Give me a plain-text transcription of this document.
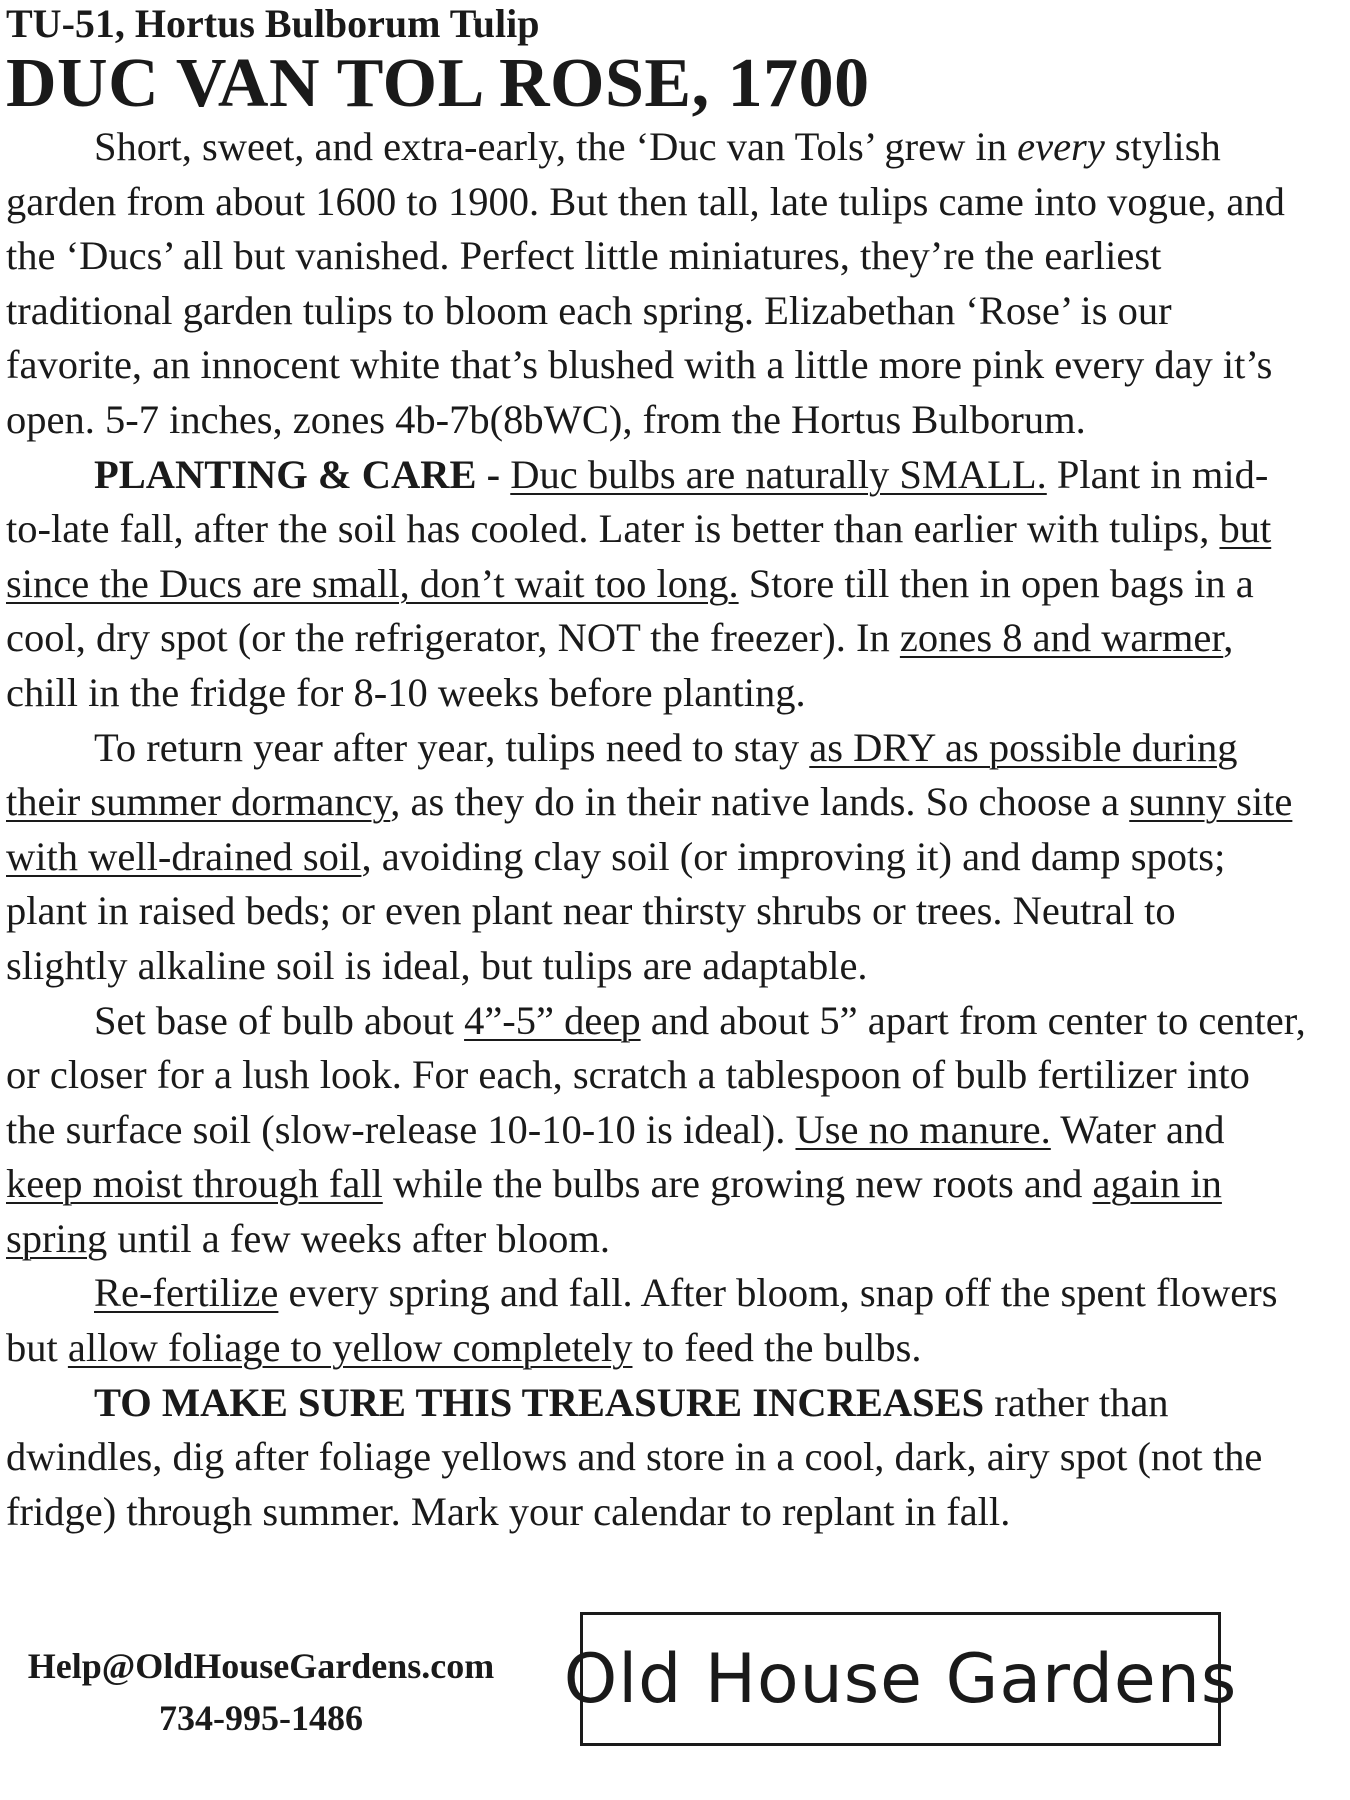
TU-51, Hortus Bulborum Tulip

DUC VAN TOL ROSE, 1700

Short, sweet, and extra-early, the ‘Duc van Tols’ grew in every stylish garden from about 1600 to 1900. But then tall, late tulips came into vogue, and the ‘Ducs’ all but vanished. Perfect little miniatures, they’re the earliest traditional garden tulips to bloom each spring. Elizabethan ‘Rose’ is our favorite, an innocent white that’s blushed with a little more pink every day it’s open. 5-7 inches, zones 4b-7b(8bWC), from the Hortus Bulborum.

PLANTING & CARE - Duc bulbs are naturally SMALL. Plant in mid-to-late fall, after the soil has cooled. Later is better than earlier with tulips, but since the Ducs are small, don’t wait too long. Store till then in open bags in a cool, dry spot (or the refrigerator, NOT the freezer). In zones 8 and warmer, chill in the fridge for 8-10 weeks before planting.

To return year after year, tulips need to stay as DRY as possible during their summer dormancy, as they do in their native lands. So choose a sunny site with well-drained soil, avoiding clay soil (or improving it) and damp spots; plant in raised beds; or even plant near thirsty shrubs or trees. Neutral to slightly alkaline soil is ideal, but tulips are adaptable.

Set base of bulb about 4”-5” deep and about 5” apart from center to center, or closer for a lush look. For each, scratch a tablespoon of bulb fertilizer into the surface soil (slow-release 10-10-10 is ideal). Use no manure. Water and keep moist through fall while the bulbs are growing new roots and again in spring until a few weeks after bloom.

Re-fertilize every spring and fall. After bloom, snap off the spent flowers but allow foliage to yellow completely to feed the bulbs.

TO MAKE SURE THIS TREASURE INCREASES rather than dwindles, dig after foliage yellows and store in a cool, dark, airy spot (not the fridge) through summer. Mark your calendar to replant in fall.

Help@OldHouseGardens.com
734-995-1486	Old House Gardens
